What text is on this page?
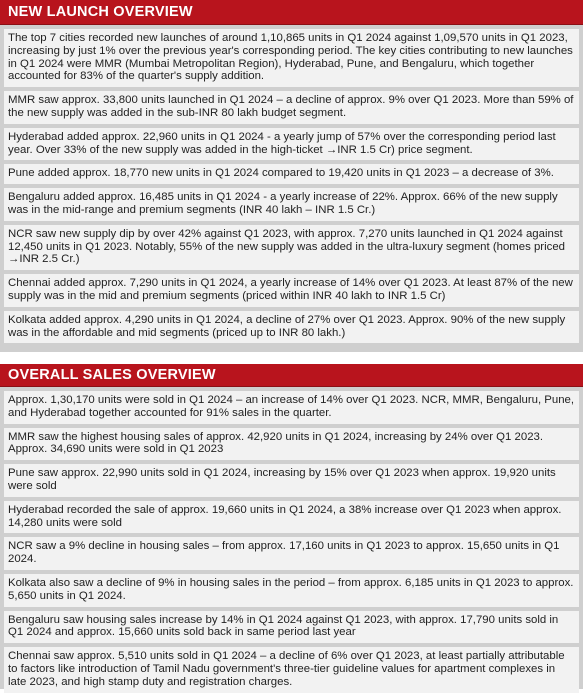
NEW LAUNCH OVERVIEW
The top 7 cities recorded new launches of around 1,10,865 units in Q1 2024 against 1,09,570 units in Q1 2023, increasing by just 1% over the previous year's corresponding period. The key cities contributing to new launches in Q1 2024 were MMR (Mumbai Metropolitan Region), Hyderabad, Pune, and Bengaluru, which together accounted for 83% of the quarter's supply addition.
MMR saw approx. 33,800 units launched in Q1 2024 – a decline of approx. 9% over Q1 2023. More than 59% of the new supply was added in the sub-INR 80 lakh budget segment.
Hyderabad added approx. 22,960 units in Q1 2024 - a yearly jump of 57% over the corresponding period last year. Over 33% of the new supply was added in the high-ticket →INR 1.5 Cr) price segment.
Pune added approx. 18,770 new units in Q1 2024 compared to 19,420 units in Q1 2023 – a decrease of 3%.
Bengaluru added approx. 16,485 units in Q1 2024 - a yearly increase of 22%. Approx. 66% of the new supply was in the mid-range and premium segments (INR 40 lakh – INR 1.5 Cr.)
NCR saw new supply dip by over 42% against Q1 2023, with approx. 7,270 units launched in Q1 2024 against 12,450 units in Q1 2023. Notably, 55% of the new supply was added in the ultra-luxury segment (homes priced →INR 2.5 Cr.)
Chennai added approx. 7,290 units in Q1 2024, a yearly increase of 14% over Q1 2023. At least 87% of the new supply was in the mid and premium segments (priced within INR 40 lakh to INR 1.5 Cr)
Kolkata added approx. 4,290 units in Q1 2024, a decline of 27% over Q1 2023. Approx. 90% of the new supply was in the affordable and mid segments (priced up to INR 80 lakh.)
OVERALL SALES OVERVIEW
Approx. 1,30,170 units were sold in Q1 2024 – an increase of 14% over Q1 2023. NCR, MMR, Bengaluru, Pune, and Hyderabad together accounted for 91% sales in the quarter.
MMR saw the highest housing sales of approx. 42,920 units in Q1 2024, increasing by 24% over Q1 2023. Approx. 34,690 units were sold in Q1 2023
Pune saw approx. 22,990 units sold in Q1 2024, increasing by 15% over Q1 2023 when approx. 19,920 units were sold
Hyderabad recorded the sale of approx. 19,660 units in Q1 2024, a 38% increase over Q1 2023 when approx. 14,280 units were sold
NCR saw a 9% decline in housing sales – from approx. 17,160 units in Q1 2023 to approx. 15,650 units in Q1 2024.
Kolkata also saw a decline of 9% in housing sales in the period – from approx. 6,185 units in Q1 2023 to approx. 5,650 units in Q1 2024.
Bengaluru saw housing sales increase by 14% in Q1 2024 against Q1 2023, with approx. 17,790 units sold in Q1 2024 and approx. 15,660 units sold back in same period last year
Chennai saw approx. 5,510 units sold in Q1 2024 – a decline of 6% over Q1 2023, at least partially attributable to factors like introduction of Tamil Nadu government's three-tier guideline values for apartment complexes in late 2023, and high stamp duty and registration charges.
